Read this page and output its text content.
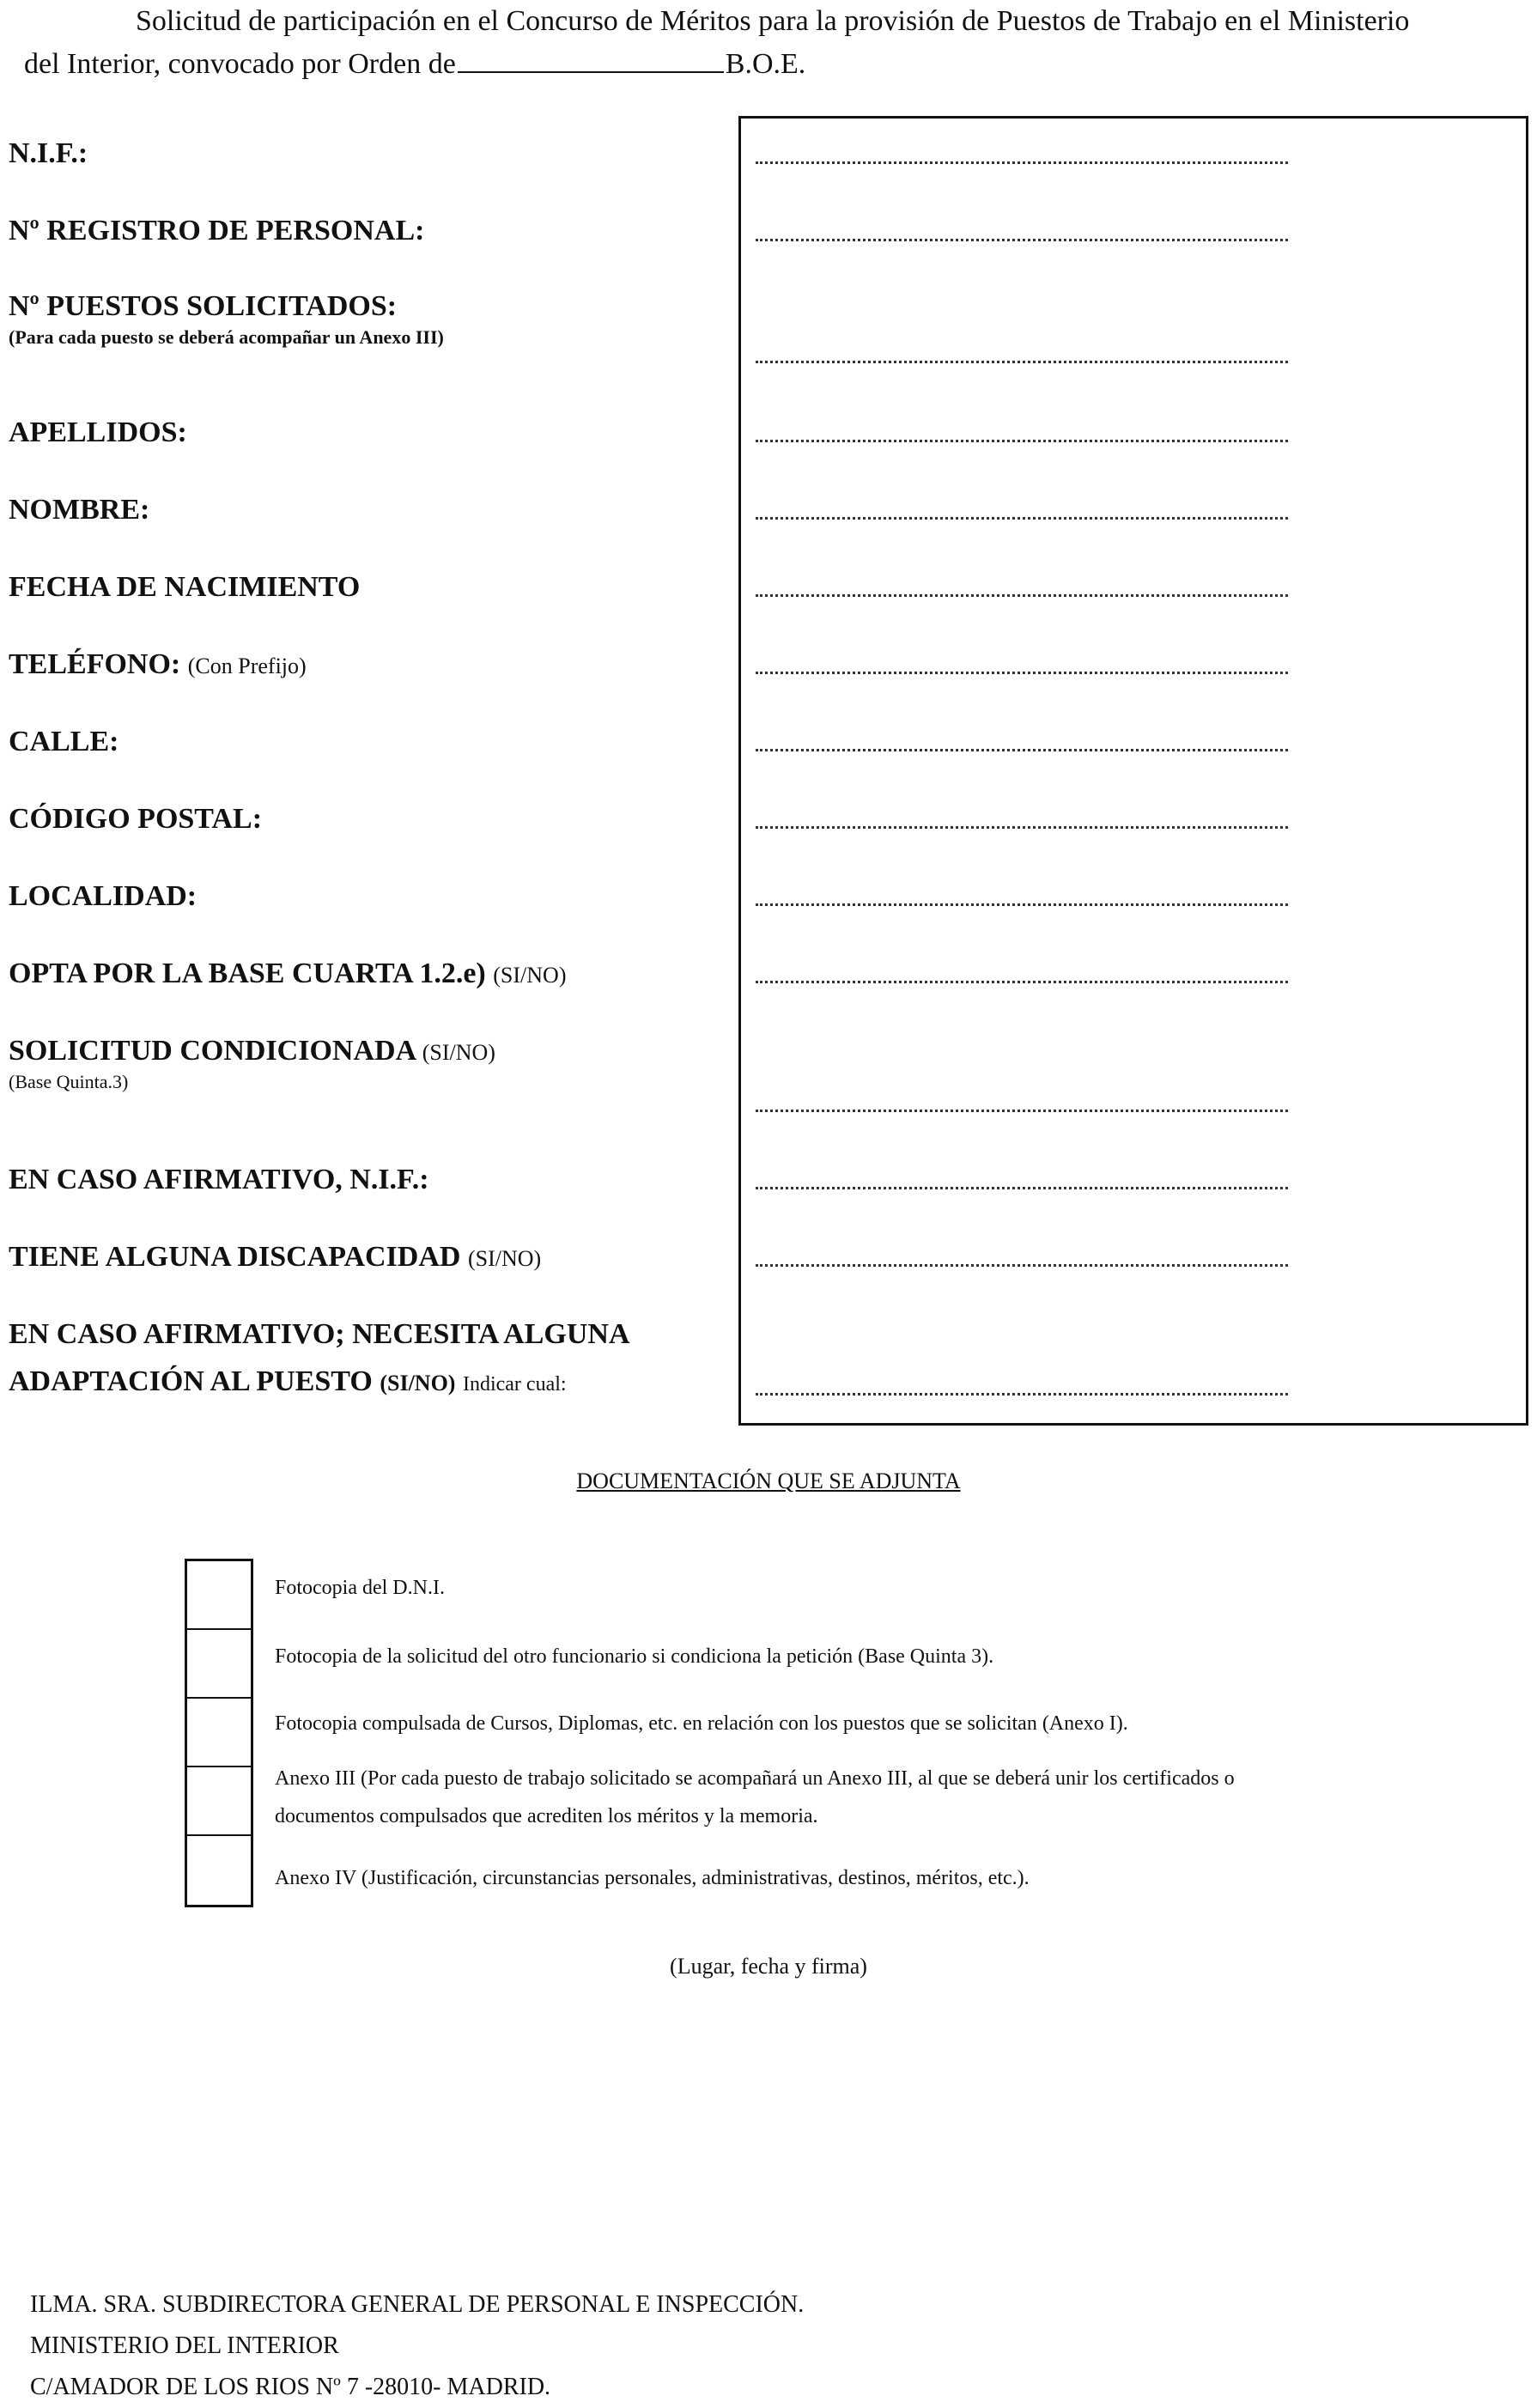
Solicitud de participación en el Concurso de Méritos para la provisión de Puestos de Trabajo en el Ministerio
del Interior, convocado por Orden de	B.O.E.
N.I.F.:
Nº REGISTRO DE PERSONAL:
Nº PUESTOS SOLICITADOS:
(Para cada puesto se deberá acompañar un Anexo III)
APELLIDOS:
NOMBRE:
FECHA DE NACIMIENTO
TELÉFONO: (Con Prefijo)
CALLE:
CÓDIGO POSTAL:
LOCALIDAD:
OPTA POR LA BASE CUARTA 1.2.e) (SI/NO)
SOLICITUD CONDICIONADA (SI/NO)
(Base Quinta.3)
EN CASO AFIRMATIVO, N.I.F.:
TIENE ALGUNA DISCAPACIDAD (SI/NO)
EN CASO AFIRMATIVO; NECESITA ALGUNA
ADAPTACIÓN AL PUESTO (SI/NO) Indicar cual:
DOCUMENTACIÓN QUE SE ADJUNTA
Fotocopia del D.N.I.
Fotocopia de la solicitud del otro funcionario si condiciona la petición (Base Quinta 3).
Fotocopia compulsada de Cursos, Diplomas, etc. en relación con los puestos que se solicitan (Anexo I).
Anexo III (Por cada puesto de trabajo solicitado se acompañará un Anexo III, al que se deberá unir los certificados o
documentos compulsados que acrediten los méritos y la memoria.
Anexo IV (Justificación, circunstancias personales, administrativas, destinos, méritos, etc.).
(Lugar, fecha y firma)
ILMA. SRA. SUBDIRECTORA GENERAL DE PERSONAL E INSPECCIÓN.
MINISTERIO DEL INTERIOR
C/AMADOR DE LOS RIOS Nº 7 -28010- MADRID.
